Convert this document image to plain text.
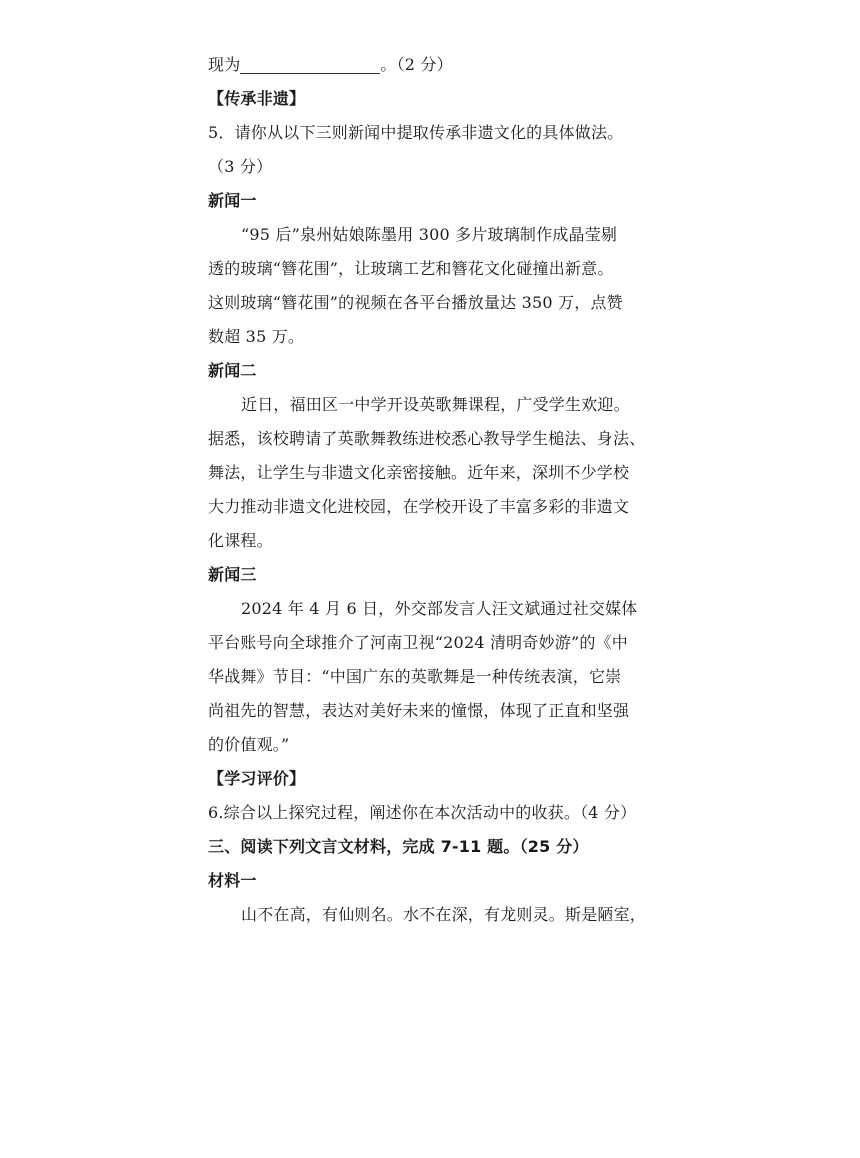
现为	。（2 分）
【传承非遗】
5．请你从以下三则新闻中提取传承非遗文化的具体做法。
（3 分）
新闻一
“95 后”泉州姑娘陈墨用 300 多片玻璃制作成晶莹剔
透的玻璃“簪花围”，让玻璃工艺和簪花文化碰撞出新意。
这则玻璃“簪花围”的视频在各平台播放量达 350 万，点赞
数超 35 万。
新闻二
近日，福田区一中学开设英歌舞课程，广受学生欢迎。
据悉，该校聘请了英歌舞教练进校悉心教导学生槌法、身法、
舞法，让学生与非遗文化亲密接触。近年来，深圳不少学校
大力推动非遗文化进校园，在学校开设了丰富多彩的非遗文
化课程。
新闻三
2024 年 4 月 6 日，外交部发言人汪文斌通过社交媒体
平台账号向全球推介了河南卫视“2024 清明奇妙游”的《中
华战舞》节目：“中国广东的英歌舞是一种传统表演，它崇
尚祖先的智慧，表达对美好未来的憧憬，体现了正直和坚强
的价值观。”
【学习评价】
6.综合以上探究过程，阐述你在本次活动中的收获。（4 分）
三、阅读下列文言文材料，完成 7-11 题。（25 分）
材料一
山不在高，有仙则名。水不在深，有龙则灵。斯是陋室，
